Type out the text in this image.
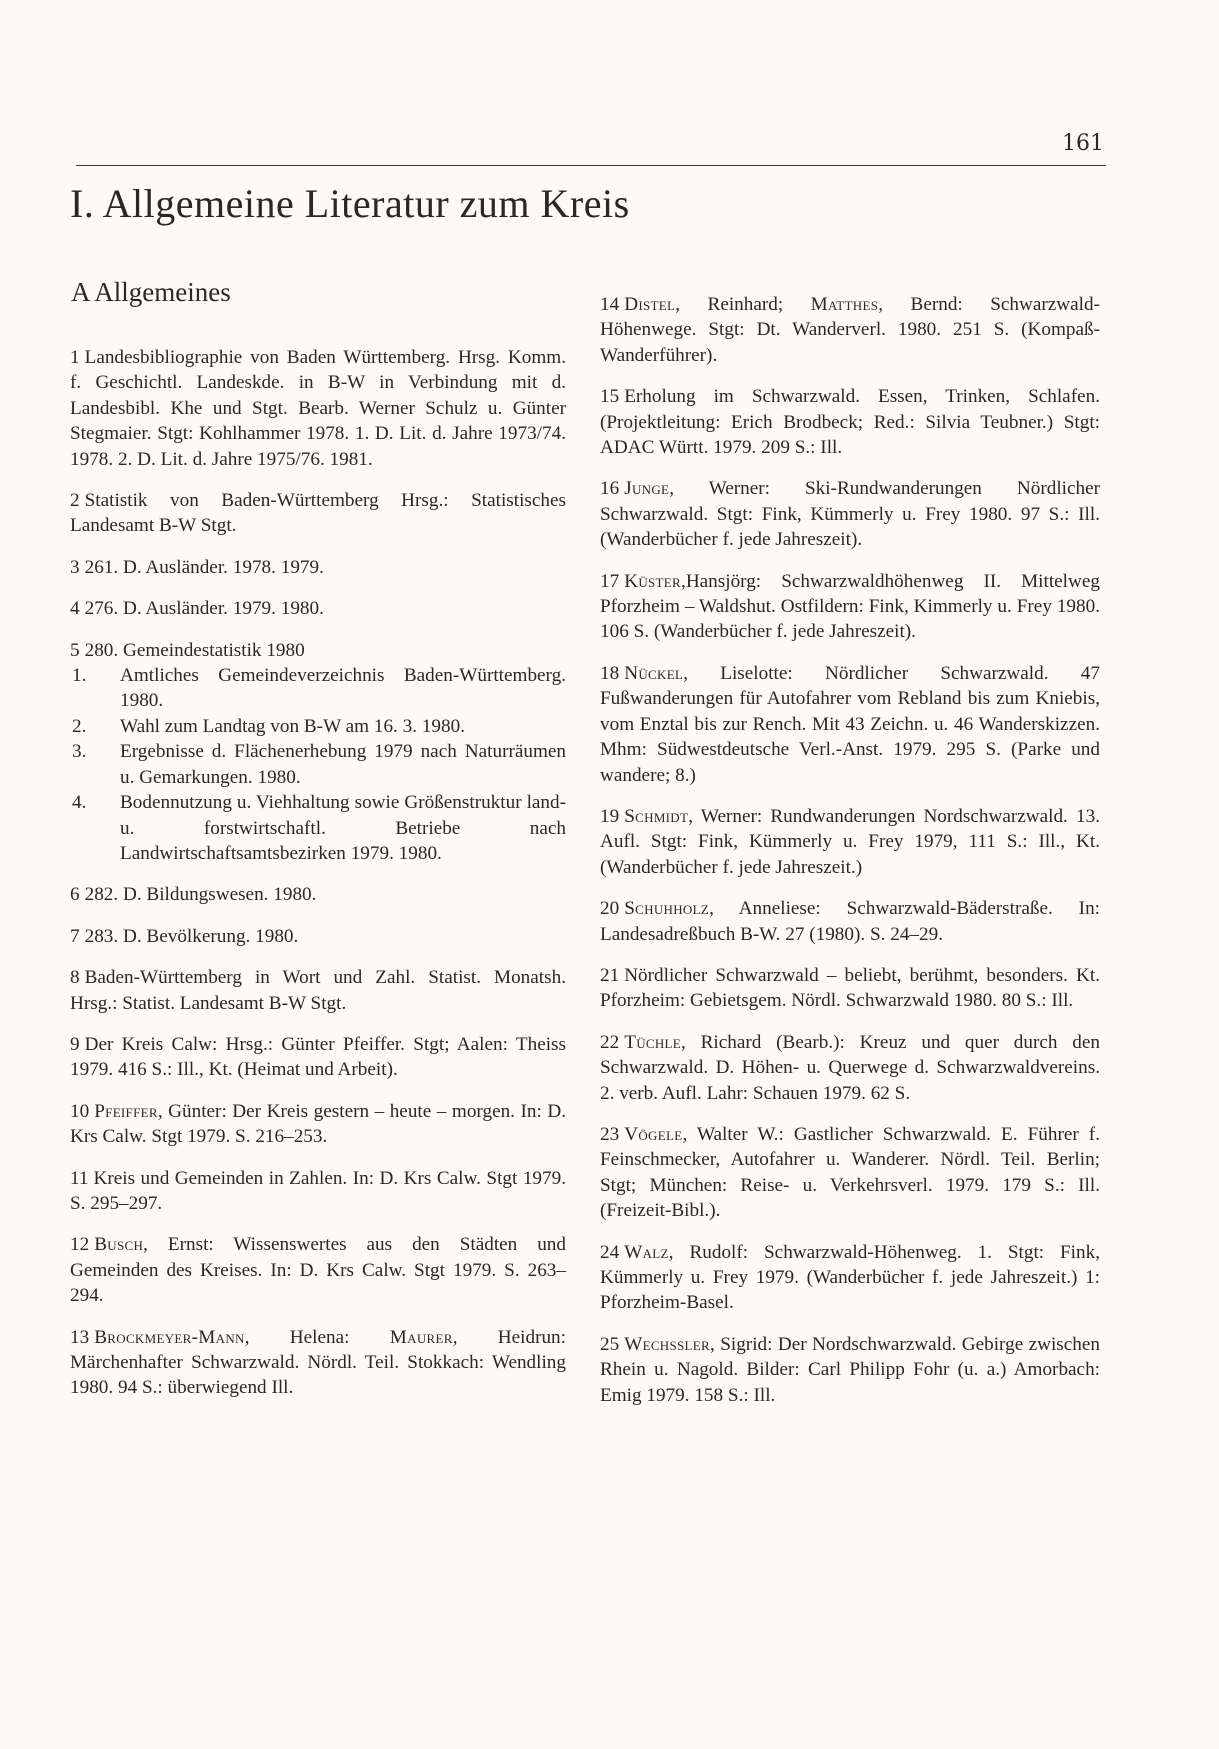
161
I. Allgemeine Literatur zum Kreis
A Allgemeines

1 Landesbibliographie von Baden Württemberg. Hrsg. Komm. f. Geschichtl. Landeskde. in B-W in Verbindung mit d. Landesbibl. Khe und Stgt. Bearb. Werner Schulz u. Günter Stegmaier. Stgt: Kohlhammer 1978. 1. D. Lit. d. Jahre 1973/74. 1978. 2. D. Lit. d. Jahre 1975/76. 1981.

2 Statistik von Baden-Württemberg Hrsg.: Statistisches Landesamt B-W Stgt.

3 261. D. Ausländer. 1978. 1979.

4 276. D. Ausländer. 1979. 1980.

5 280. Gemeindestatistik 1980

1. Amtliches Gemeindeverzeichnis Baden-Württemberg. 1980.

2. Wahl zum Landtag von B-W am 16. 3. 1980.

3. Ergebnisse d. Flächenerhebung 1979 nach Naturräumen u. Gemarkungen. 1980.

4. Bodennutzung u. Viehhaltung sowie Größenstruktur land- u. forstwirtschaftl. Betriebe nach Landwirtschaftsamtsbezirken 1979. 1980.

6 282. D. Bildungswesen. 1980.

7 283. D. Bevölkerung. 1980.

8 Baden-Württemberg in Wort und Zahl. Statist. Monatsh. Hrsg.: Statist. Landesamt B-W Stgt.

9 Der Kreis Calw: Hrsg.: Günter Pfeiffer. Stgt; Aalen: Theiss 1979. 416 S.: Ill., Kt. (Heimat und Arbeit).

10 Pfeiffer, Günter: Der Kreis gestern – heute – morgen. In: D. Krs Calw. Stgt 1979. S. 216–253.

11 Kreis und Gemeinden in Zahlen. In: D. Krs Calw. Stgt 1979. S. 295–297.

12 Busch, Ernst: Wissenswertes aus den Städten und Gemeinden des Kreises. In: D. Krs Calw. Stgt 1979. S. 263–294.

13 Brockmeyer-Mann, Helena: Maurer, Heidrun: Märchenhafter Schwarzwald. Nördl. Teil. Stokkach: Wendling 1980. 94 S.: überwiegend Ill.

14 Distel, Reinhard; Matthes, Bernd: Schwarzwald-Höhenwege. Stgt: Dt. Wanderverl. 1980. 251 S. (Kompaß-Wanderführer).

15 Erholung im Schwarzwald. Essen, Trinken, Schlafen. (Projektleitung: Erich Brodbeck; Red.: Silvia Teubner.) Stgt: ADAC Württ. 1979. 209 S.: Ill.

16 Junge, Werner: Ski-Rundwanderungen Nördlicher Schwarzwald. Stgt: Fink, Kümmerly u. Frey 1980. 97 S.: Ill. (Wanderbücher f. jede Jahreszeit).

17 Küster,Hansjörg: Schwarzwaldhöhenweg II. Mittelweg Pforzheim – Waldshut. Ostfildern: Fink, Kimmerly u. Frey 1980. 106 S. (Wanderbücher f. jede Jahreszeit).

18 Nückel, Liselotte: Nördlicher Schwarzwald. 47 Fußwanderungen für Autofahrer vom Rebland bis zum Kniebis, vom Enztal bis zur Rench. Mit 43 Zeichn. u. 46 Wanderskizzen. Mhm: Südwestdeutsche Verl.-Anst. 1979. 295 S. (Parke und wandere; 8.)

19 Schmidt, Werner: Rundwanderungen Nordschwarzwald. 13. Aufl. Stgt: Fink, Kümmerly u. Frey 1979, 111 S.: Ill., Kt. (Wanderbücher f. jede Jahreszeit.)

20 Schuhholz, Anneliese: Schwarzwald-Bäderstraße. In: Landesadreßbuch B-W. 27 (1980). S. 24–29.

21 Nördlicher Schwarzwald – beliebt, berühmt, besonders. Kt. Pforzheim: Gebietsgem. Nördl. Schwarzwald 1980. 80 S.: Ill.

22 Tüchle, Richard (Bearb.): Kreuz und quer durch den Schwarzwald. D. Höhen- u. Querwege d. Schwarzwaldvereins. 2. verb. Aufl. Lahr: Schauen 1979. 62 S.

23 Vögele, Walter W.: Gastlicher Schwarzwald. E. Führer f. Feinschmecker, Autofahrer u. Wanderer. Nördl. Teil. Berlin; Stgt; München: Reise- u. Verkehrsverl. 1979. 179 S.: Ill. (Freizeit-Bibl.).

24 Walz, Rudolf: Schwarzwald-Höhenweg. 1. Stgt: Fink, Kümmerly u. Frey 1979. (Wanderbücher f. jede Jahreszeit.) 1: Pforzheim-Basel.

25 Wechssler, Sigrid: Der Nordschwarzwald. Gebirge zwischen Rhein u. Nagold. Bilder: Carl Philipp Fohr (u. a.) Amorbach: Emig 1979. 158 S.: Ill.
